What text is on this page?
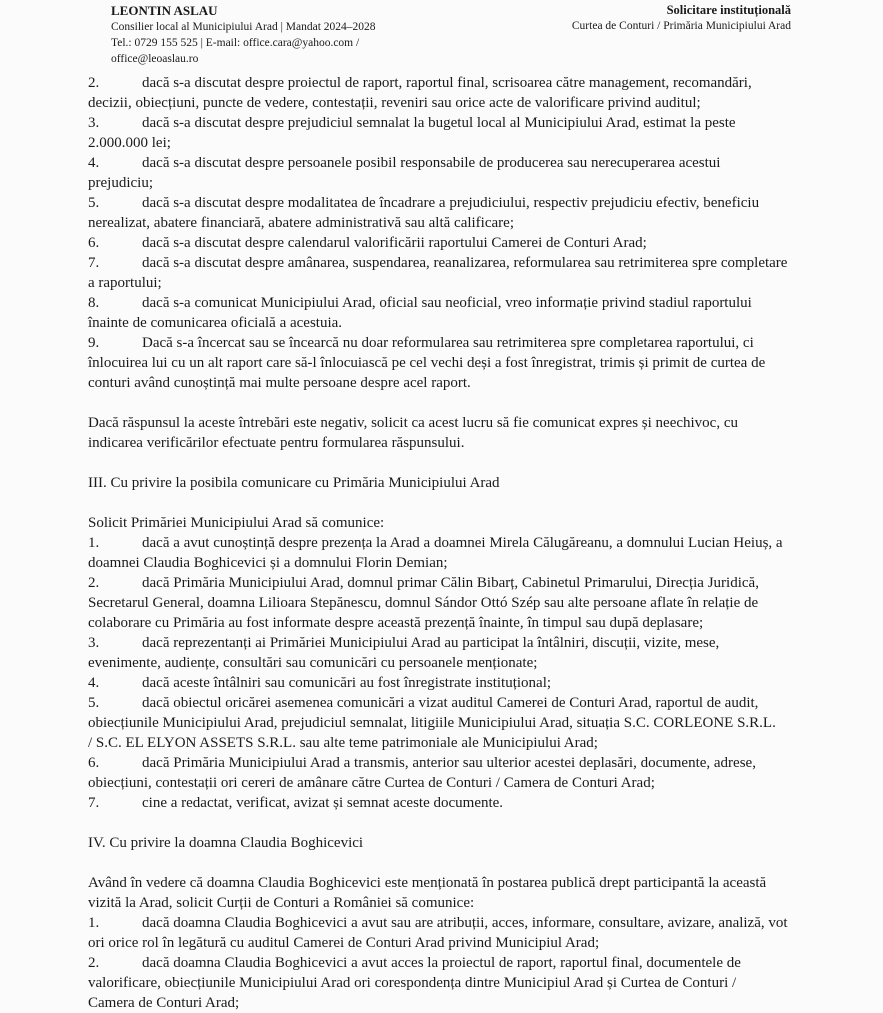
LEONTIN ASLAU
Consilier local al Municipiului Arad | Mandat 2024–2028
Tel.: 0729 155 525 | E-mail: office.cara@yahoo.com /
office@leoaslau.ro
Solicitare instituțională
Curtea de Conturi / Primăria Municipiului Arad
2.	dacă s-a discutat despre proiectul de raport, raportul final, scrisoarea către management, recomandări,
decizii, obiecțiuni, puncte de vedere, contestații, reveniri sau orice acte de valorificare privind auditul;
3.	dacă s-a discutat despre prejudiciul semnalat la bugetul local al Municipiului Arad, estimat la peste
2.000.000 lei;
4.	dacă s-a discutat despre persoanele posibil responsabile de producerea sau nerecuperarea acestui
prejudiciu;
5.	dacă s-a discutat despre modalitatea de încadrare a prejudiciului, respectiv prejudiciu efectiv, beneficiu
nerealizat, abatere financiară, abatere administrativă sau altă calificare;
6.	dacă s-a discutat despre calendarul valorificării raportului Camerei de Conturi Arad;
7.	dacă s-a discutat despre amânarea, suspendarea, reanalizarea, reformularea sau retrimiterea spre completare
a raportului;
8.	dacă s-a comunicat Municipiului Arad, oficial sau neoficial, vreo informație privind stadiul raportului
înainte de comunicarea oficială a acestuia.
9.	Dacă s-a încercat sau se încearcă nu doar reformularea sau retrimiterea spre completarea raportului, ci
înlocuirea lui cu un alt raport care să-l înlocuiască pe cel vechi deși a fost înregistrat, trimis și primit de curtea de
conturi având cunoștință mai multe persoane despre acel raport.
Dacă răspunsul la aceste întrebări este negativ, solicit ca acest lucru să fie comunicat expres și neechivoc, cu
indicarea verificărilor efectuate pentru formularea răspunsului.
III. Cu privire la posibila comunicare cu Primăria Municipiului Arad
Solicit Primăriei Municipiului Arad să comunice:
1.	dacă a avut cunoștință despre prezența la Arad a doamnei Mirela Călugăreanu, a domnului Lucian Heiuș, a
doamnei Claudia Boghicevici și a domnului Florin Demian;
2.	dacă Primăria Municipiului Arad, domnul primar Călin Bibarț, Cabinetul Primarului, Direcția Juridică,
Secretarul General, doamna Lilioara Stepănescu, domnul Sándor Ottó Szép sau alte persoane aflate în relație de
colaborare cu Primăria au fost informate despre această prezență înainte, în timpul sau după deplasare;
3.	dacă reprezentanți ai Primăriei Municipiului Arad au participat la întâlniri, discuții, vizite, mese,
evenimente, audiențe, consultări sau comunicări cu persoanele menționate;
4.	dacă aceste întâlniri sau comunicări au fost înregistrate instituțional;
5.	dacă obiectul oricărei asemenea comunicări a vizat auditul Camerei de Conturi Arad, raportul de audit,
obiecțiunile Municipiului Arad, prejudiciul semnalat, litigiile Municipiului Arad, situația S.C. CORLEONE S.R.L.
/ S.C. EL ELYON ASSETS S.R.L. sau alte teme patrimoniale ale Municipiului Arad;
6.	dacă Primăria Municipiului Arad a transmis, anterior sau ulterior acestei deplasări, documente, adrese,
obiecțiuni, contestații ori cereri de amânare către Curtea de Conturi / Camera de Conturi Arad;
7.	cine a redactat, verificat, avizat și semnat aceste documente.
IV. Cu privire la doamna Claudia Boghicevici
Având în vedere că doamna Claudia Boghicevici este menționată în postarea publică drept participantă la această
vizită la Arad, solicit Curții de Conturi a României să comunice:
1.	dacă doamna Claudia Boghicevici a avut sau are atribuții, acces, informare, consultare, avizare, analiză, vot
ori orice rol în legătură cu auditul Camerei de Conturi Arad privind Municipiul Arad;
2.	dacă doamna Claudia Boghicevici a avut acces la proiectul de raport, raportul final, documentele de
valorificare, obiecțiunile Municipiului Arad ori corespondența dintre Municipiul Arad și Curtea de Conturi /
Camera de Conturi Arad;
